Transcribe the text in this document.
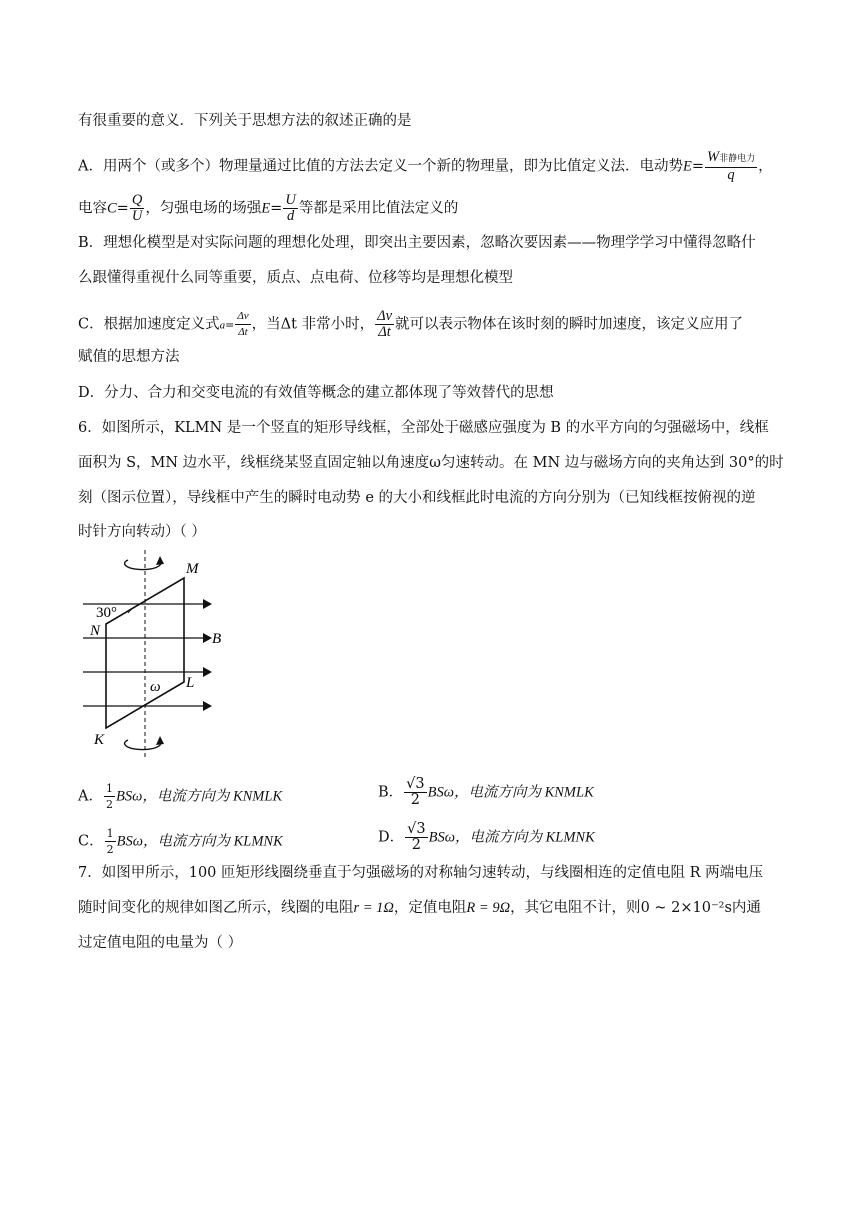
有很重要的意义．下列关于思想方法的叙述正确的是
A．用两个（或多个）物理量通过比值的方法去定义一个新的物理量，即为比值定义法．电动势$E= \frac{\text{W非静电力}}{q}$ ，
电容$C= \frac{Q}{U}$ ，匀强电场的场强$E= \frac{U}{d}$ 等都是采用比值法定义的
B．理想化模型是对实际问题的理想化处理，即突出主要因素，忽略次要因素——物理学学习中懂得忽略什
么跟懂得重视什么同等重要，质点、点电荷、位移等均是理想化模型
C．根据加速度定义式$a= \frac{\Delta v}{\Delta t}$ ，当Δt 非常小时， $\frac{\Delta v}{\Delta t}$ 就可以表示物体在该时刻的瞬时加速度，该定义应用了
赋值的思想方法
D．分力、合力和交变电流的有效值等概念的建立都体现了等效替代的思想
6．如图所示，KLMN 是一个竖直的矩形导线框，全部处于磁感应强度为 B 的水平方向的匀强磁场中，线框
面积为 S，MN 边水平，线框绕某竖直固定轴以角速度ω匀速转动。在 MN 边与磁场方向的夹角达到 30°的时
刻（图示位置），导线框中产生的瞬时电动势 e 的大小和线框此时电流的方向分别为（已知线框按俯视的逆
时针方向转动）（ ）
M
N
L
K
B
ω
30°
A． $\frac{1}{2}$ BSω，电流方向为 KNMLK	B． $\frac{√3}{2}$ BSω，电流方向为 KNMLK
C． $\frac{1}{2}$ BSω，电流方向为 KLMNK	D． $\frac{√3}{2}$ BSω，电流方向为 KLMNK
7．如图甲所示，100 匝矩形线圈绕垂直于匀强磁场的对称轴匀速转动，与线圈相连的定值电阻 R 两端电压
随时间变化的规律如图乙所示，线圈的电阻r = 1Ω，定值电阻R = 9Ω，其它电阻不计，则0 ~ 2×10⁻²s内通
过定值电阻的电量为（ ）
